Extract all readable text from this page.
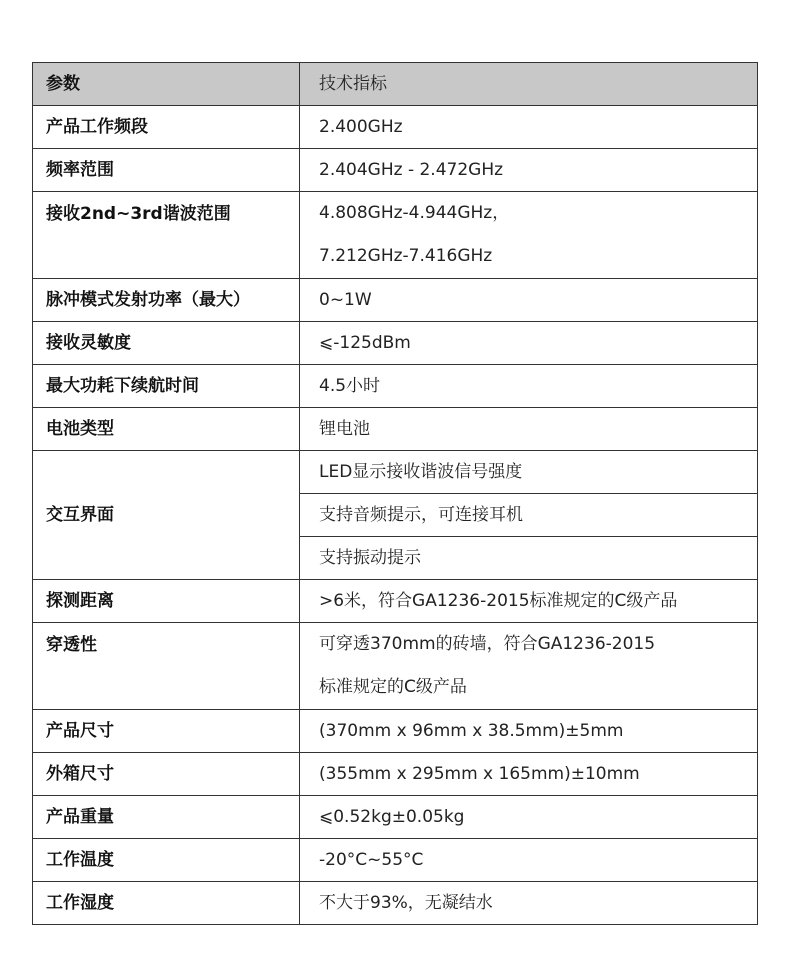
参数	技术指标
产品工作频段	2.400GHz
频率范围	2.404GHz - 2.472GHz
接收2nd~3rd谐波范围	4.808GHz-4.944GHz，
7.212GHz-7.416GHz

脉冲模式发射功率（最大）	0~1W
接收灵敏度	⩽-125dBm
最大功耗下续航时间	4.5小时
电池类型	锂电池
交互界面	LED显示接收谐波信号强度
	支持音频提示，可连接耳机
	支持振动提示
探测距离	>6米，符合GA1236-2015标准规定的C级产品
穿透性	可穿透370mm的砖墙，符合GA1236-2015
标准规定的C级产品

产品尺寸	(370mm x 96mm x 38.5mm)±5mm
外箱尺寸	(355mm x 295mm x 165mm)±10mm
产品重量	⩽0.52kg±0.05kg
工作温度	-20°C~55°C
工作湿度	不大于93%，无凝结水
